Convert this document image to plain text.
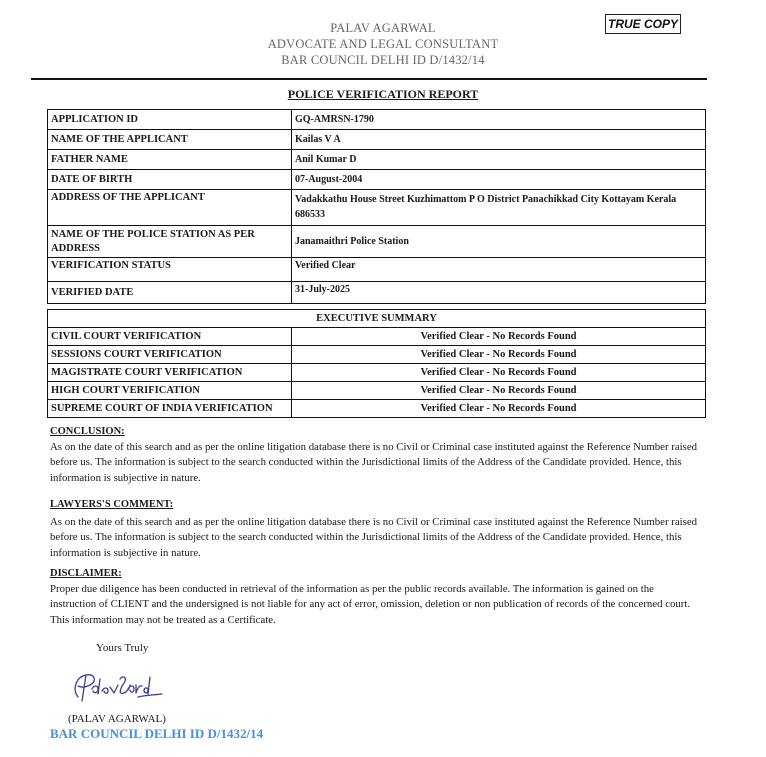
PALAV AGARWAL
ADVOCATE AND LEGAL CONSULTANT
BAR COUNCIL DELHI ID D/1432/14
TRUE COPY
POLICE VERIFICATION REPORT
APPLICATION ID	GQ-AMRSN-1790
NAME OF THE APPLICANT	Kailas V A
FATHER NAME	Anil Kumar D
DATE OF BIRTH	07-August-2004
ADDRESS OF THE APPLICANT	Vadakkathu House Street Kuzhimattom P O District Panachikkad City Kottayam Kerala 686533
NAME OF THE POLICE STATION AS PER ADDRESS	Janamaithri Police Station
VERIFICATION STATUS	Verified Clear
VERIFIED DATE	31-July-2025
EXECUTIVE SUMMARY	
CIVIL COURT VERIFICATION	Verified Clear - No Records Found
SESSIONS COURT VERIFICATION	Verified Clear - No Records Found
MAGISTRATE COURT VERIFICATION	Verified Clear - No Records Found
HIGH COURT VERIFICATION	Verified Clear - No Records Found
SUPREME COURT OF INDIA VERIFICATION	Verified Clear - No Records Found
CONCLUSION:

As on the date of this search and as per the online litigation database there is no Civil or Criminal case instituted against the Reference Number raised before us. The information is subject to the search conducted within the Jurisdictional limits of the Address of the Candidate provided. Hence, this information is subjective in nature.

LAWYERS'S COMMENT:

As on the date of this search and as per the online litigation database there is no Civil or Criminal case instituted against the Reference Number raised before us. The information is subject to the search conducted within the Jurisdictional limits of the Address of the Candidate provided. Hence, this information is subjective in nature.

DISCLAIMER:

Proper due diligence has been conducted in retrieval of the information as per the public records available. The information is gained on the instruction of CLIENT and the undersigned is not liable for any act of error, omission, deletion or non publication of records of the concerned court. This information may not be treated as a Certificate.

Yours Truly
(PALAV AGARWAL)
BAR COUNCIL DELHI ID D/1432/14
